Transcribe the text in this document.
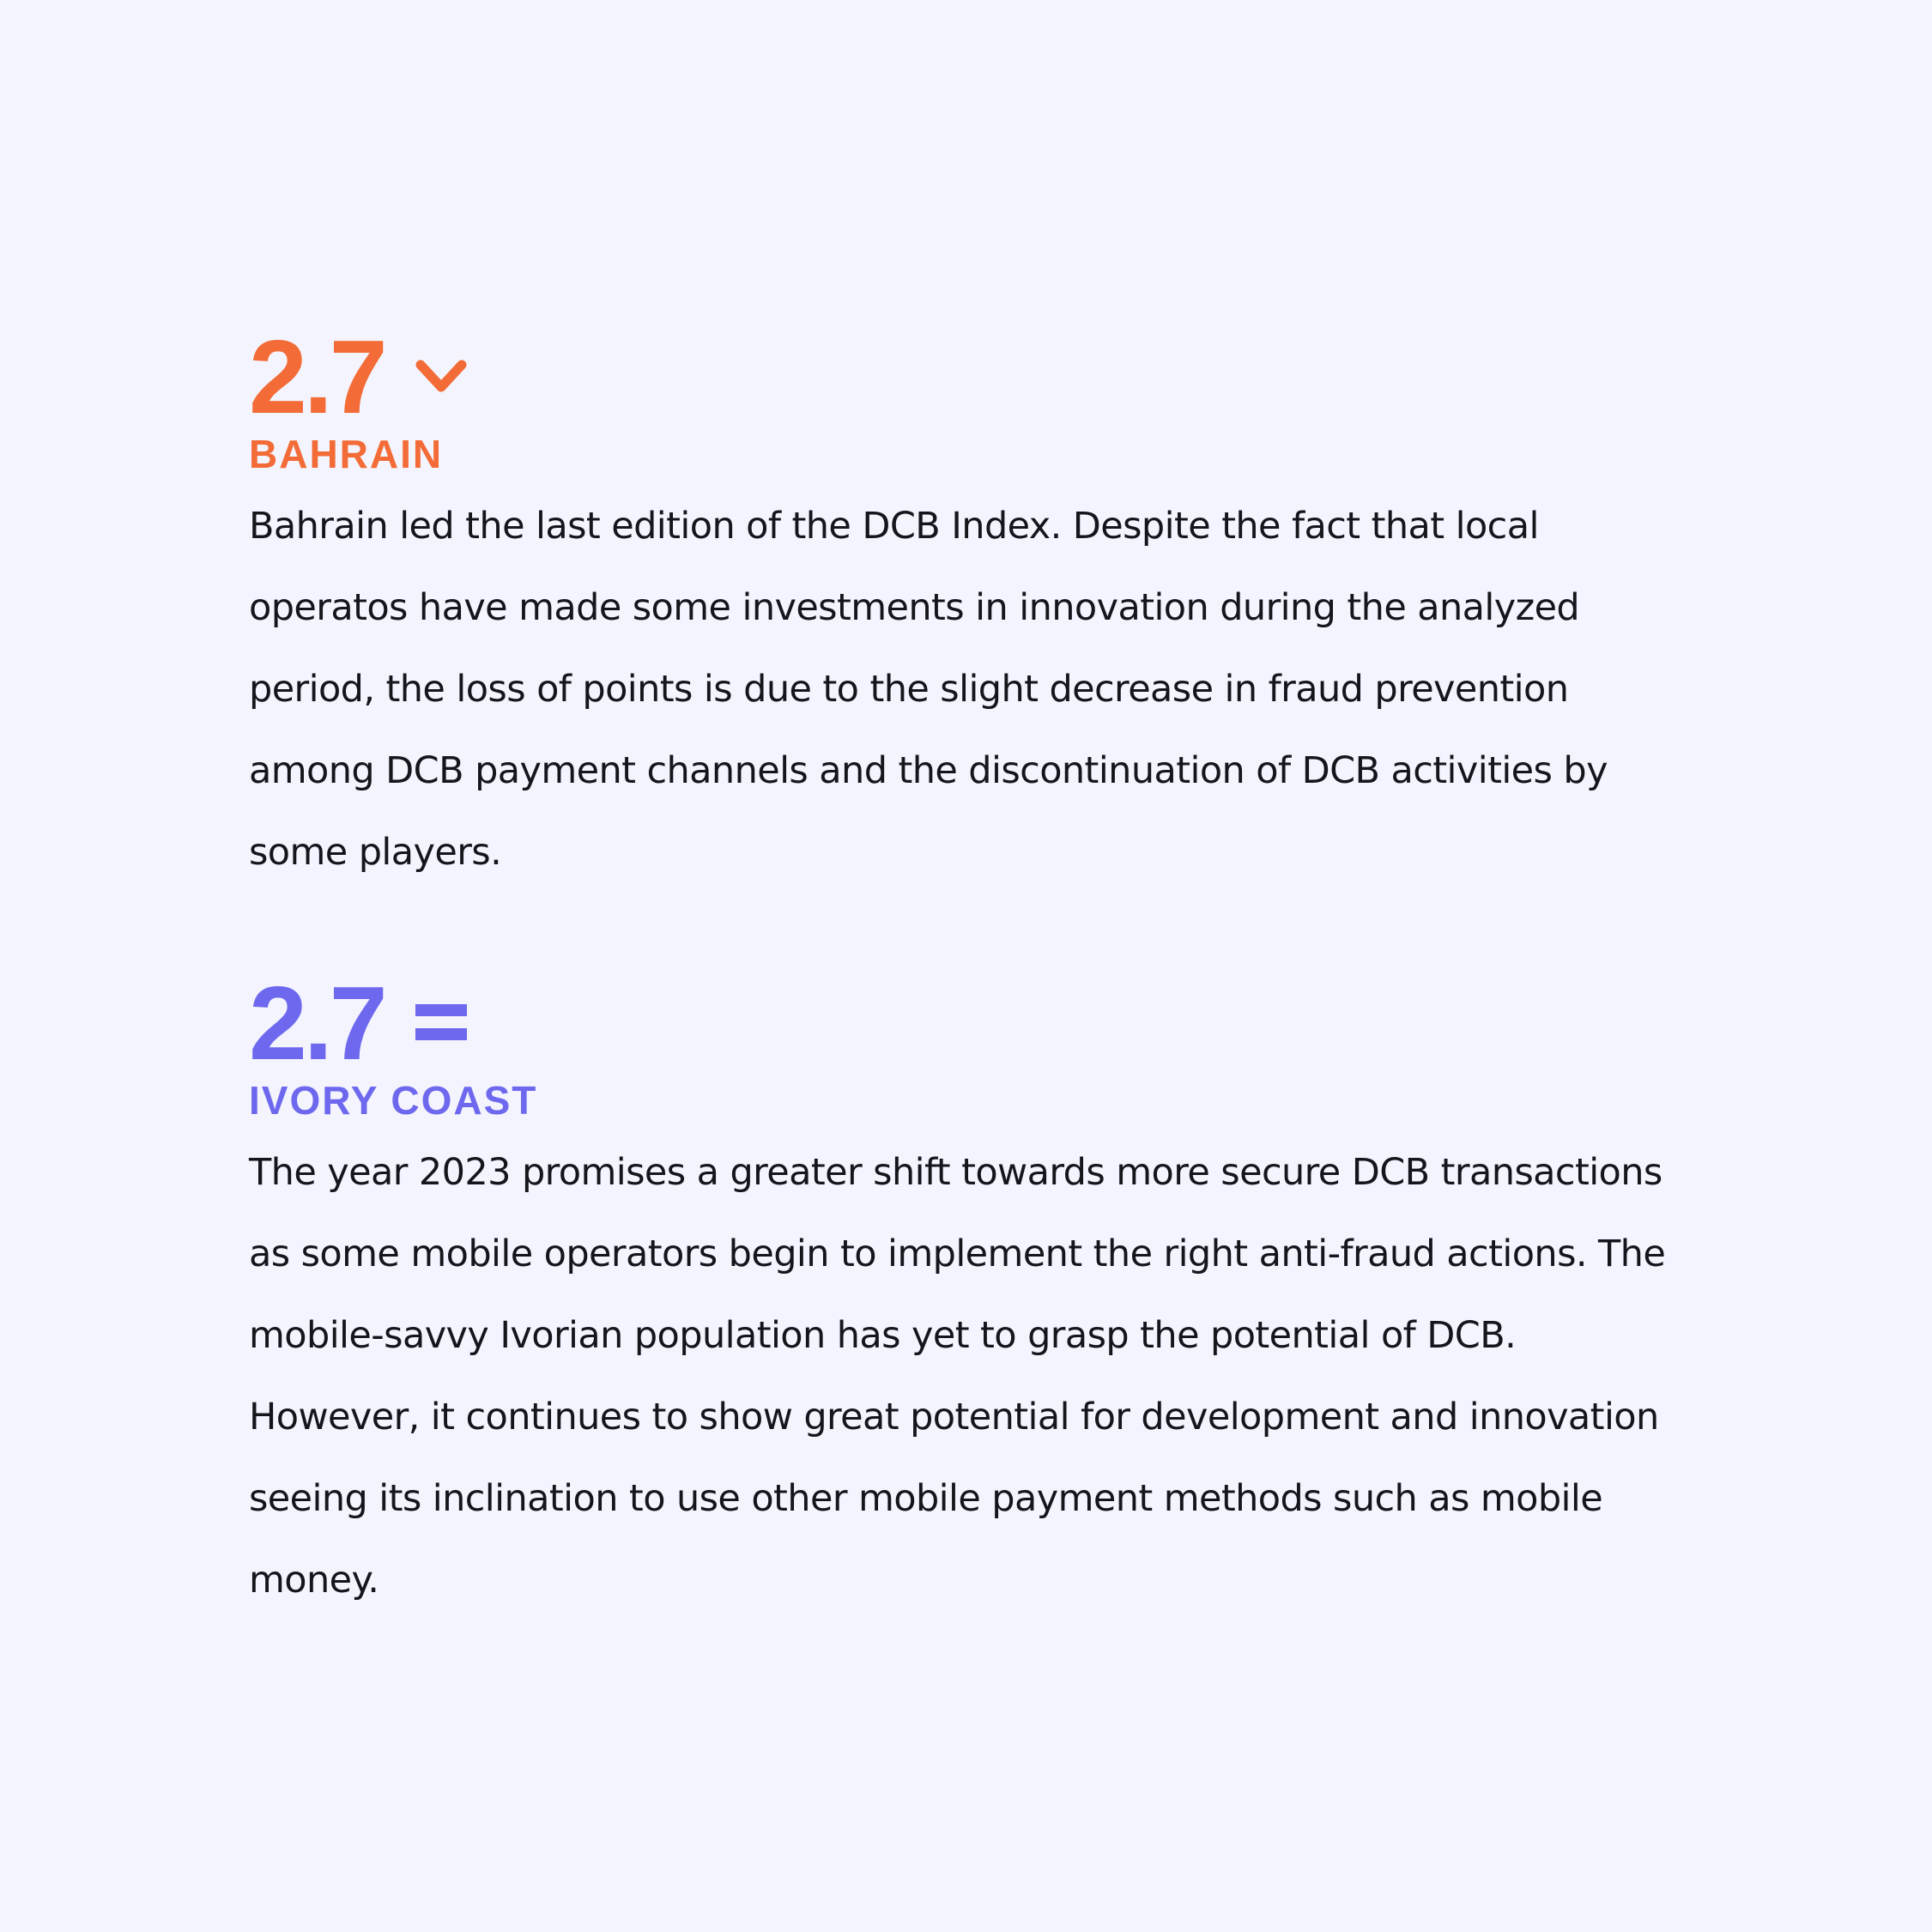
2.7
BAHRAIN

Bahrain led the last edition of the DCB Index. Despite the fact that local operatos have made some investments in innovation during the analyzed period, the loss of points is due to the slight decrease in fraud prevention among DCB payment channels and the discontinuation of DCB activities by some players.

2.7
IVORY COAST

The year 2023 promises a greater shift towards more secure DCB transactions as some mobile operators begin to implement the right anti-fraud actions. The mobile-savvy Ivorian population has yet to grasp the potential of DCB. However, it continues to show great potential for development and innovation seeing its inclination to use other mobile payment methods such as mobile money.
